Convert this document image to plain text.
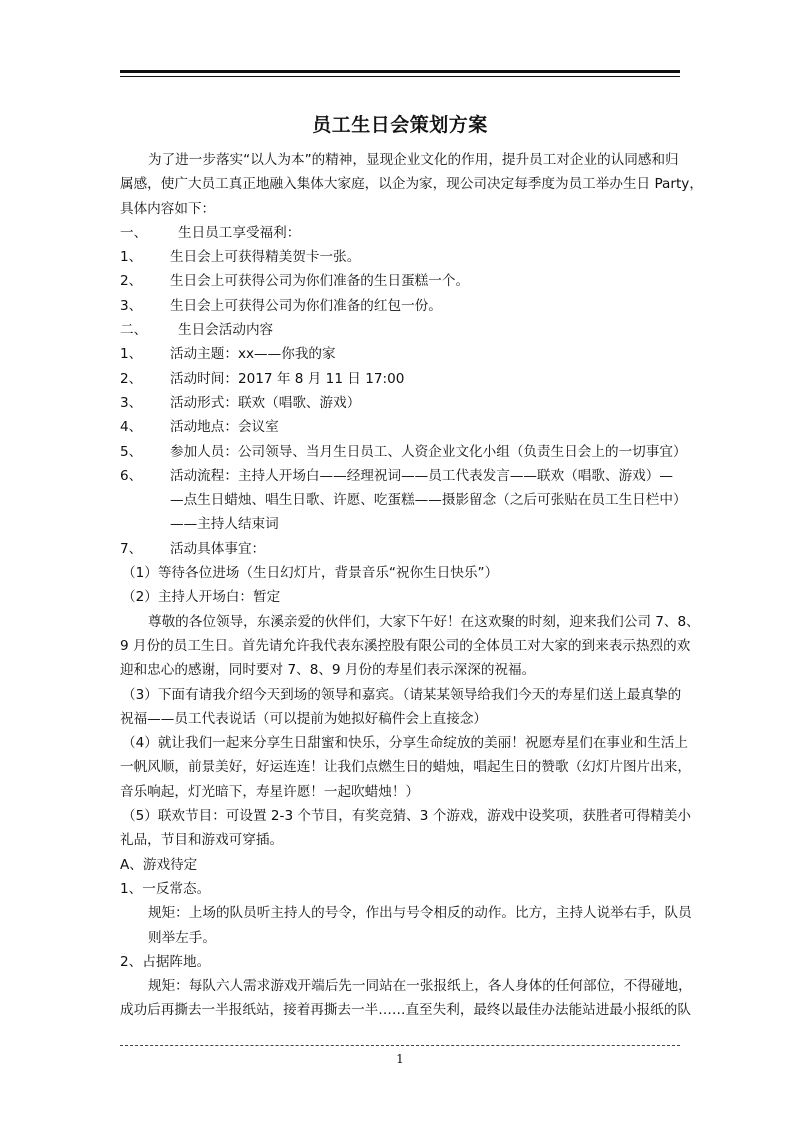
员工生日会策划方案

为了进一步落实“以人为本”的精神，显现企业文化的作用，提升员工对企业的认同感和归

属感，使广大员工真正地融入集体大家庭，以企为家，现公司决定每季度为员工举办生日 Party，

具体内容如下：

一、 生日员工享受福利：

1、 生日会上可获得精美贺卡一张。

2、 生日会上可获得公司为你们准备的生日蛋糕一个。

3、 生日会上可获得公司为你们准备的红包一份。

二、 生日会活动内容

1、 活动主题：xx——你我的家

2、 活动时间：2017 年 8 月 11 日 17:00

3、 活动形式：联欢（唱歌、游戏）

4、 活动地点：会议室

5、 参加人员：公司领导、当月生日员工、人资企业文化小组（负责生日会上的一切事宜）

6、	活动流程：主持人开场白——经理祝词——员工代表发言——联欢（唱歌、游戏）—

—点生日蜡烛、唱生日歌、许愿、吃蛋糕——摄影留念（之后可张贴在员工生日栏中）

——主持人结束词

7、 活动具体事宜：

（1）等待各位进场（生日幻灯片，背景音乐“祝你生日快乐”）

（2）主持人开场白：暂定

尊敬的各位领导，东溪亲爱的伙伴们，大家下午好！在这欢聚的时刻，迎来我们公司 7、8、

9 月份的员工生日。首先请允许我代表东溪控股有限公司的全体员工对大家的到来表示热烈的欢

迎和忠心的感谢，同时要对 7、8、9 月份的寿星们表示深深的祝福。

（3）下面有请我介绍今天到场的领导和嘉宾。（请某某领导给我们今天的寿星们送上最真挚的

祝福——员工代表说话（可以提前为她拟好稿件会上直接念）

（4）就让我们一起来分享生日甜蜜和快乐，分享生命绽放的美丽！祝愿寿星们在事业和生活上

一帆风顺，前景美好，好运连连！让我们点燃生日的蜡烛，唱起生日的赞歌（幻灯片图片出来，

音乐响起，灯光暗下，寿星许愿！一起吹蜡烛！）

（5）联欢节目：可设置 2-3 个节目，有奖竞猜、3 个游戏，游戏中设奖项，获胜者可得精美小

礼品，节目和游戏可穿插。

A、游戏待定

1、一反常态。

规矩：上场的队员听主持人的号令，作出与号令相反的动作。比方，主持人说举右手，队员

则举左手。

2、占据阵地。

规矩：每队六人需求游戏开端后先一同站在一张报纸上，各人身体的任何部位，不得碰地，

成功后再撕去一半报纸站，接着再撕去一半……直至失利，最终以最佳办法能站进最小报纸的队

1
